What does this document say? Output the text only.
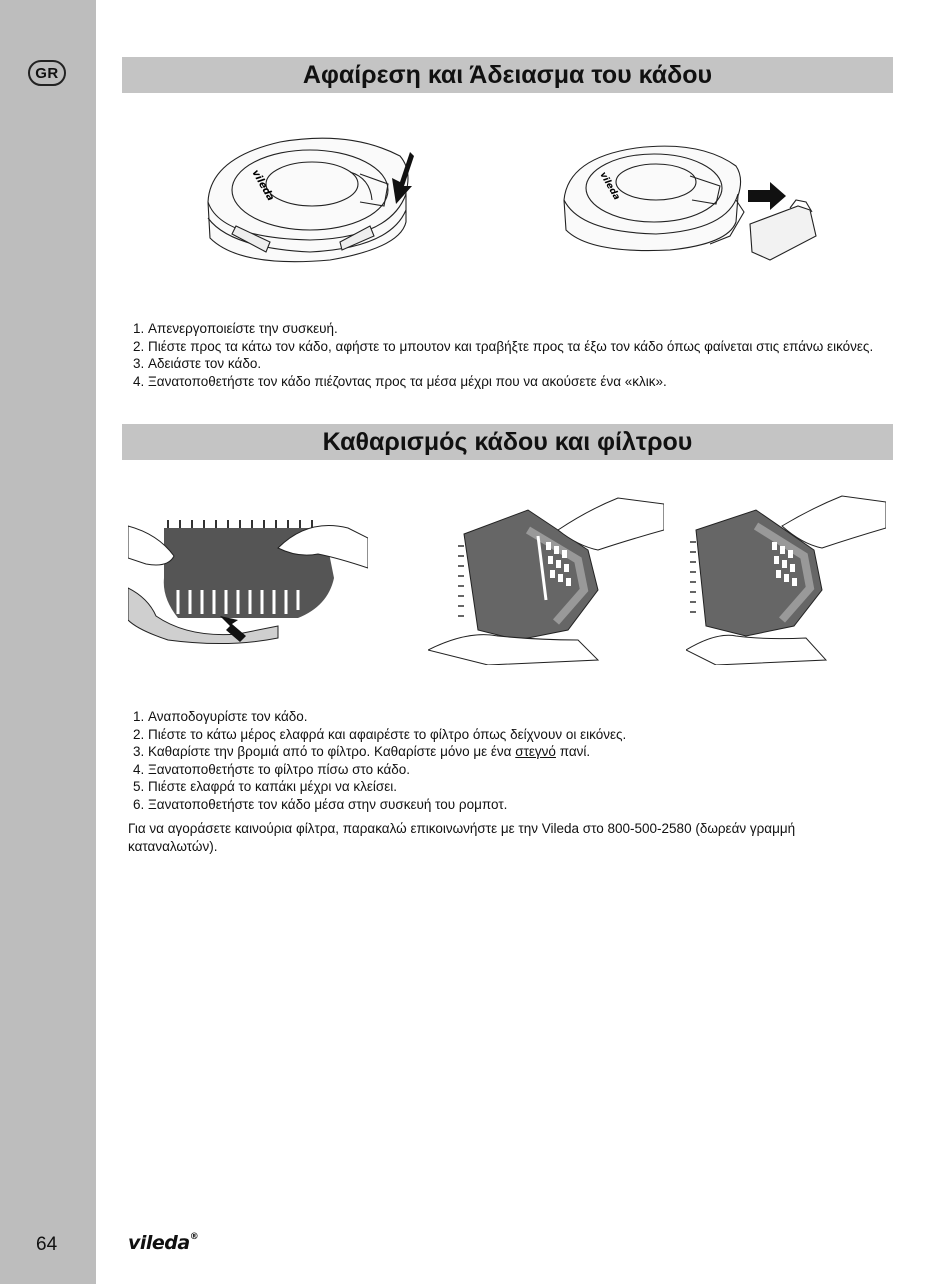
GR
64	vileda®
Αφαίρεση και Άδειασμα του κάδου
vileda	vileda
1. Απενεργοποιείστε την συσκευή.
2. Πιέστε προς τα κάτω τον κάδο, αφήστε το μπουτον και τραβήξτε προς τα έξω τον κάδο όπως φαίνεται στις επάνω εικόνες.
3. Αδειάστε τον κάδο.
4. Ξανατοποθετήστε τον κάδο πιέζοντας προς τα μέσα μέχρι που να ακούσετε ένα «κλικ».
Καθαρισμός κάδου και φίλτρου
1. Αναποδογυρίστε τον κάδο.
2. Πιέστε το κάτω μέρος ελαφρά και αφαιρέστε το φίλτρο όπως δείχνουν οι εικόνες.
3. Καθαρίστε την βρομιά από το φίλτρο. Καθαρίστε μόνο με ένα στεγνό πανί.
4. Ξανατοποθετήστε το φίλτρο πίσω στο κάδο.
5. Πιέστε ελαφρά το καπάκι μέχρι να κλείσει.
6. Ξανατοποθετήστε τον κάδο μέσα στην συσκευή του ρομποτ.

Για να αγοράσετε καινούρια φίλτρα, παρακαλώ επικοινωνήστε με την Vileda στο 800-500-2580 (δωρεάν γραμμή καταναλωτών).
